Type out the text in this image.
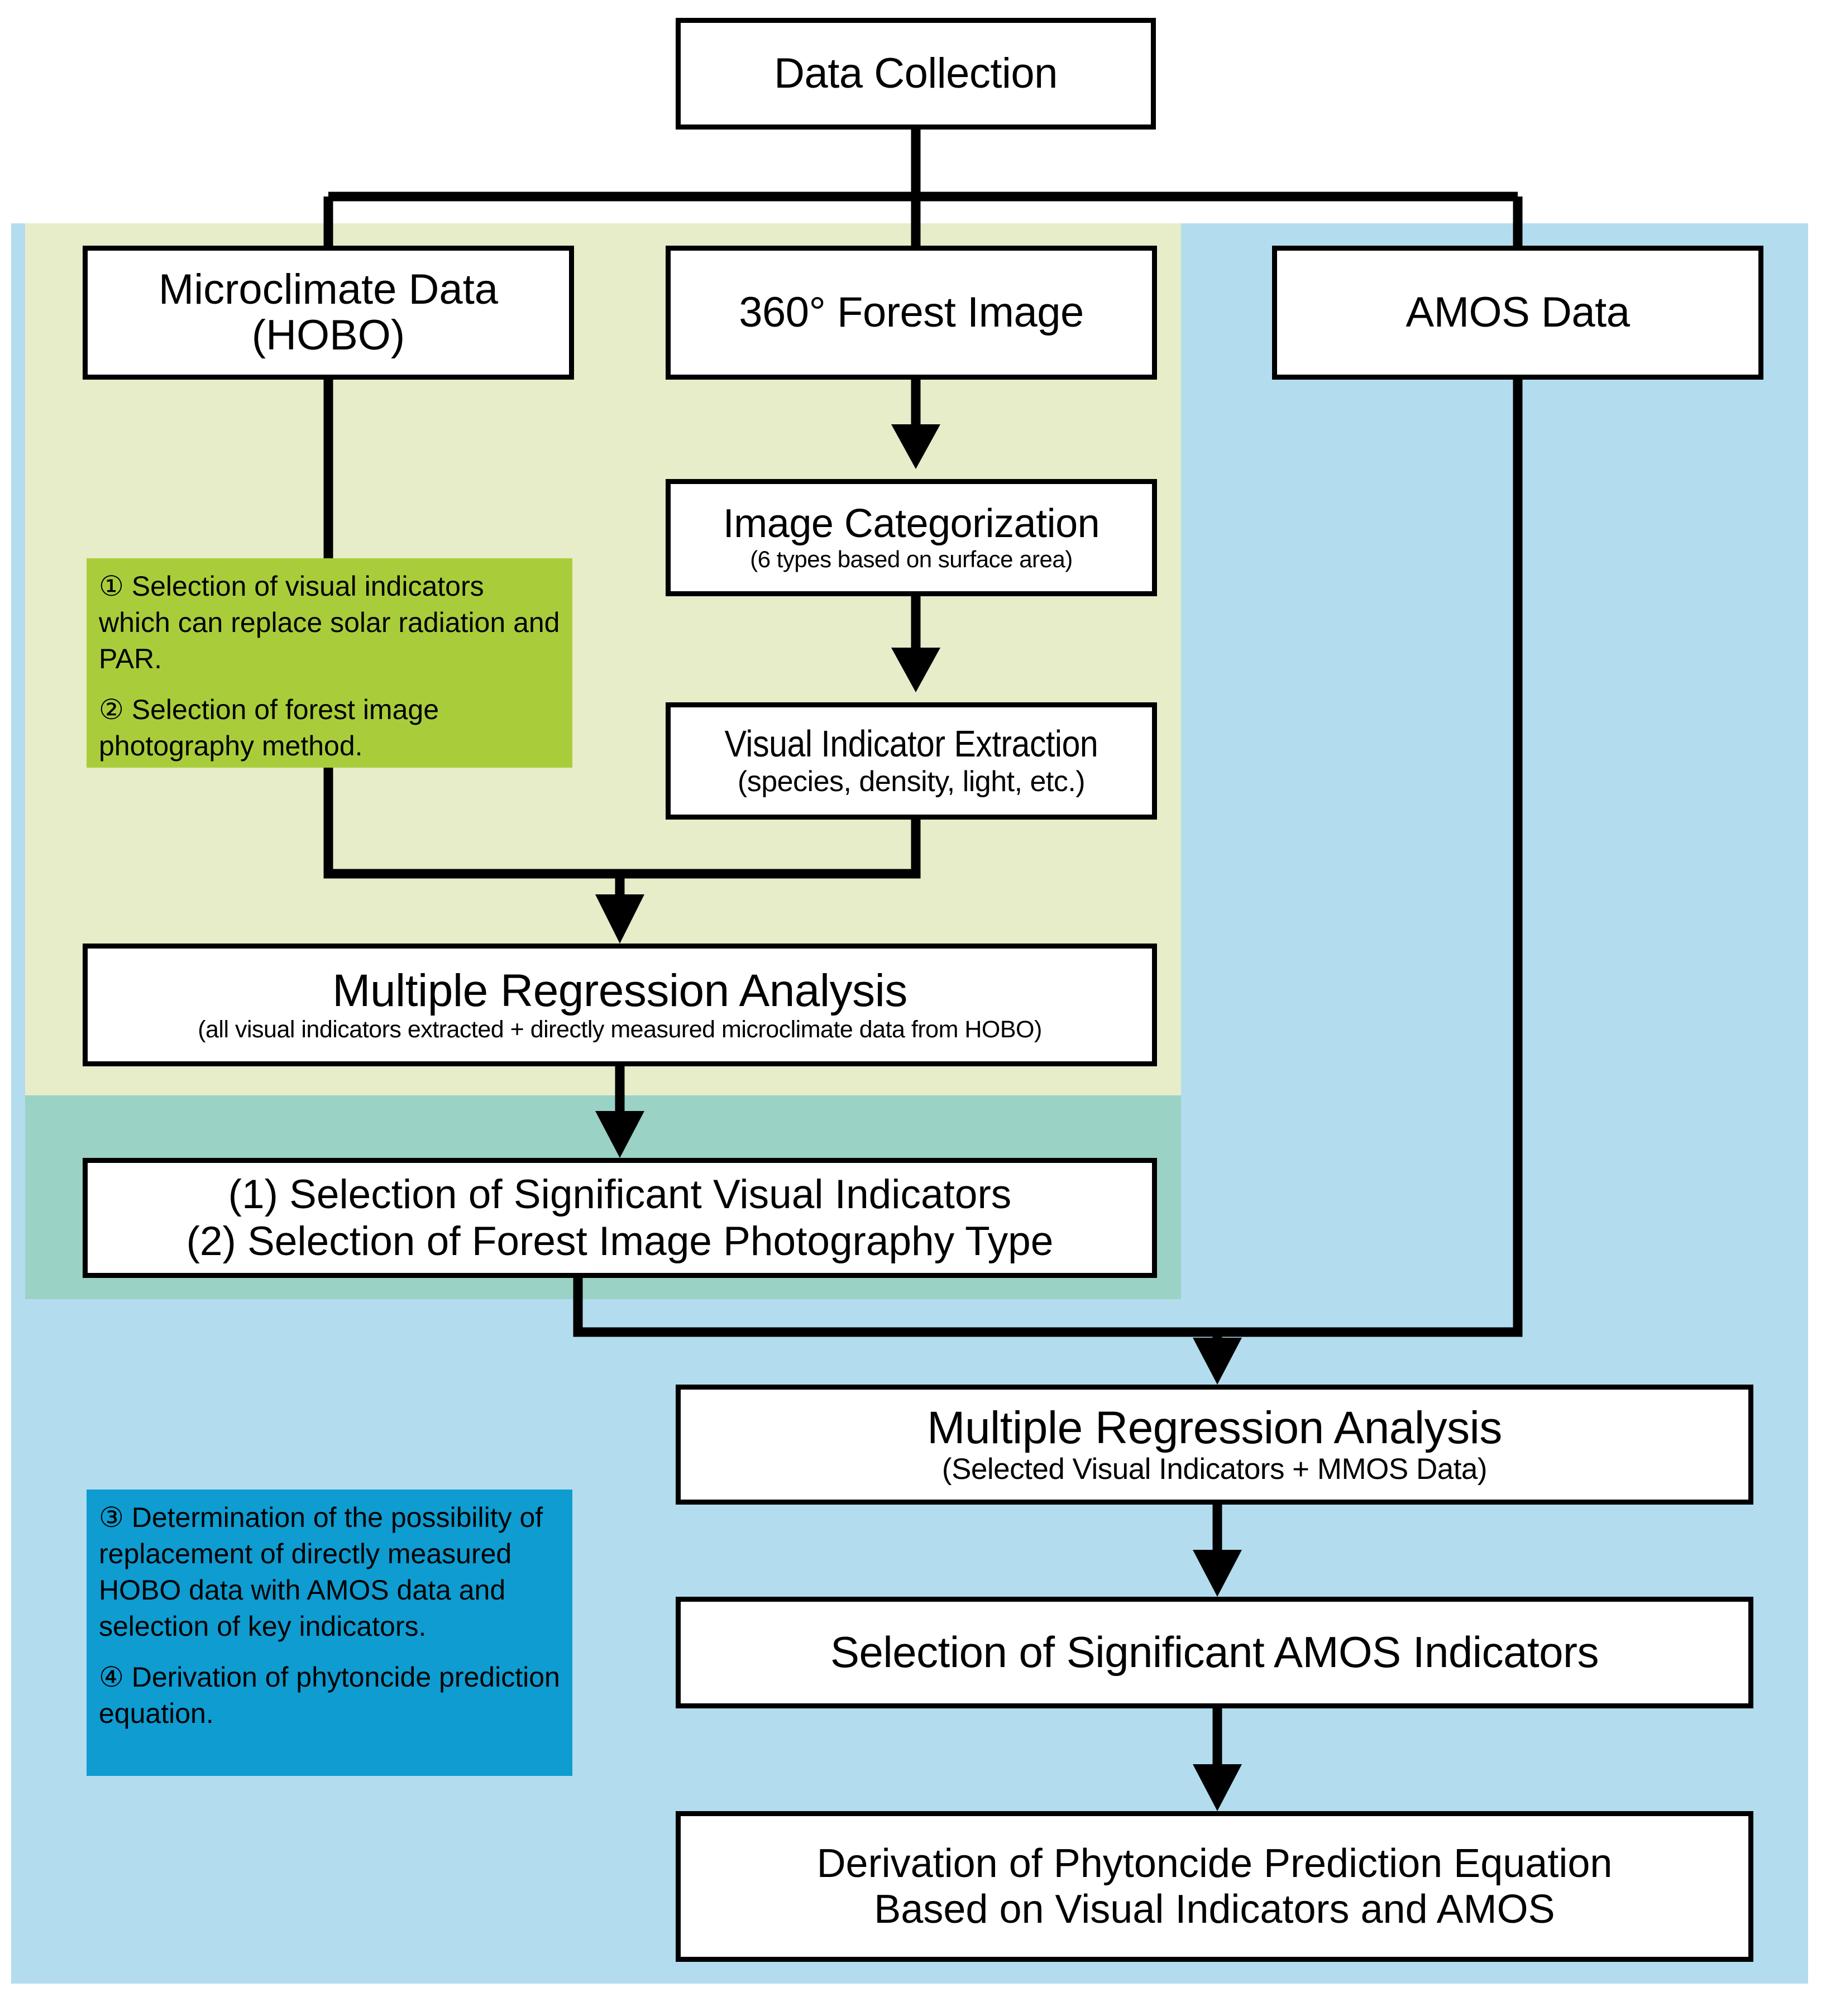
Data Collection
Microclimate Data
(HOBO)	360° Forest Image	AMOS Data
Image Categorization
(6 types based on surface area)
Visual Indicator Extraction
(species, density, light, etc.)
Multiple Regression Analysis
(all visual indicators extracted + directly measured microclimate data from HOBO)
(1) Selection of Significant Visual Indicators
(2) Selection of Forest Image Photography Type
Multiple Regression Analysis
(Selected Visual Indicators + MMOS Data)
Selection of Significant AMOS Indicators
Derivation of Phytoncide Prediction Equation
Based on Visual Indicators and AMOS

① Selection of visual indicators which can replace solar radiation and PAR.

② Selection of forest image photography method.

③ Determination of the possibility of replacement of directly measured HOBO data with AMOS data and selection of key indicators.

④ Derivation of phytoncide prediction equation.
